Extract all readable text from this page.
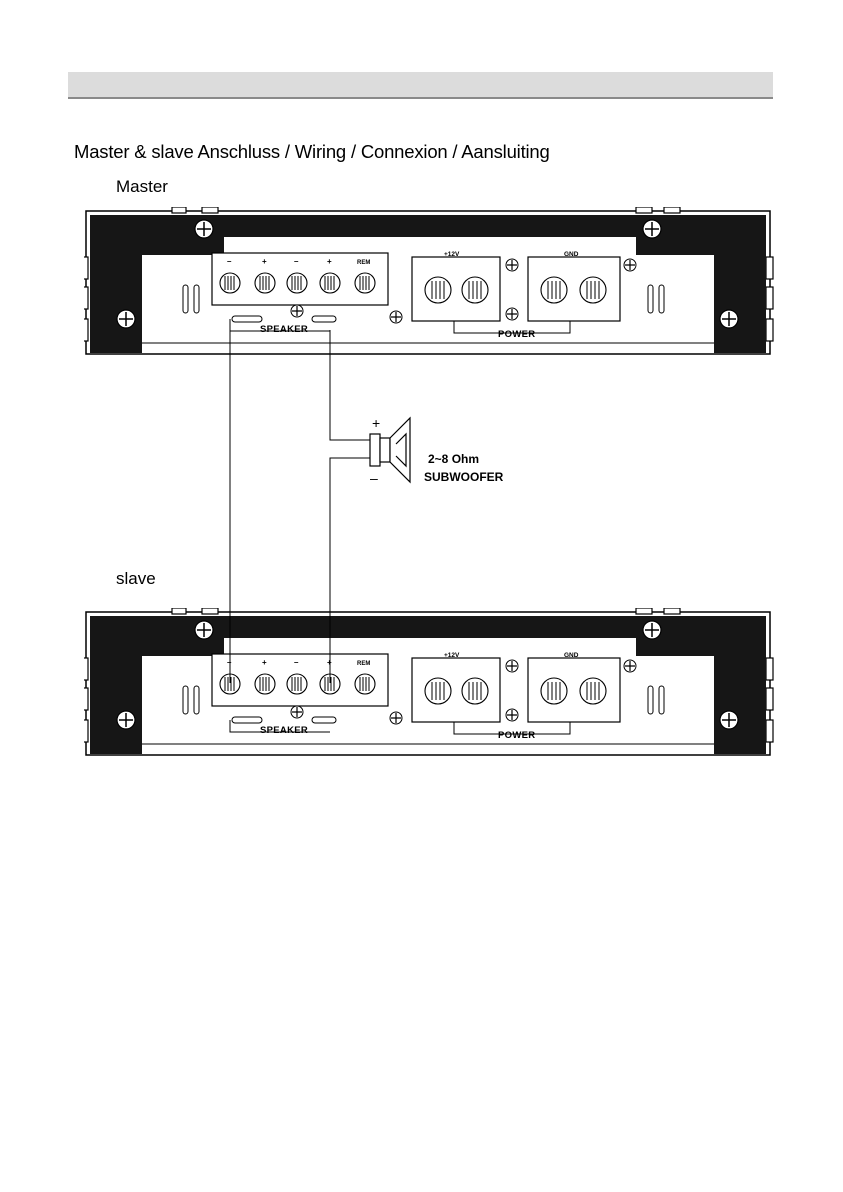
Master & slave Anschluss / Wiring / Connexion / Aansluiting
Master
slave
–	+	–	+	REM
SPEAKER
+12V	GND
POWER
–	+	–	+	REM
SPEAKER
+12V	GND
POWER
+
–
2~8 Ohm
SUBWOOFER
